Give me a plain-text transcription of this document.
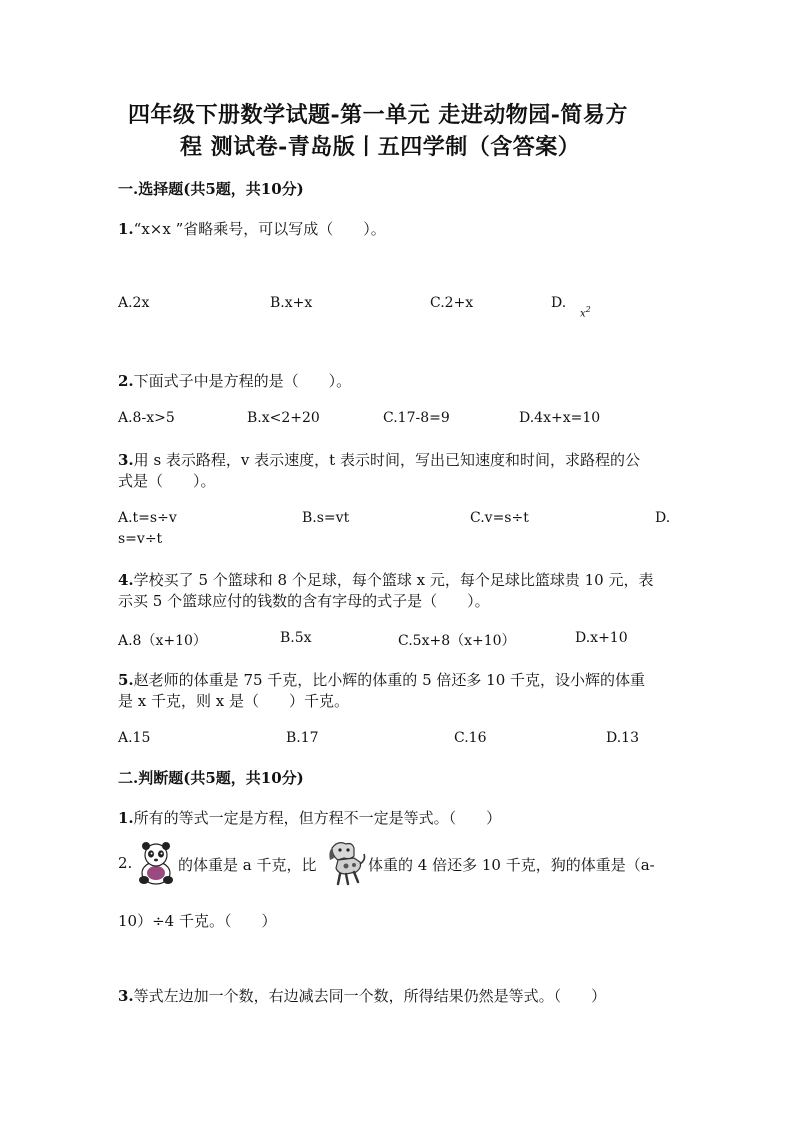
四年级下册数学试题-第一单元 走进动物园-简易方
程 测试卷-青岛版丨五四学制（含答案）
一.选择题(共5题，共10分)
1.“x×x ”省略乘号，可以写成（　　）。
A.2x	B.x+x	C.2+x	D.
$x^2$
2.下面式子中是方程的是（　　）。
A.8-x>5	B.x<2+20	C.17-8=9	D.4x+x=10
3.用 s 表示路程，v 表示速度，t 表示时间，写出已知速度和时间，求路程的公
式是（　　）。
A.t=s÷v	B.s=vt	C.v=s÷t	D.
s=v÷t
4.学校买了 5 个篮球和 8 个足球，每个篮球 x 元，每个足球比篮球贵 10 元，表
示买 5 个篮球应付的钱数的含有字母的式子是（　　）。
A.8（x+10）	B.5x	C.5x+8（x+10）	D.x+10
5.赵老师的体重是 75 千克，比小辉的体重的 5 倍还多 10 千克，设小辉的体重
是 x 千克，则 x 是（　　）千克。
A.15	B.17	C.16	D.13
二.判断题(共5题，共10分)
1.所有的等式一定是方程，但方程不一定是等式。（　　）
2.	的体重是 a 千克，比	体重的 4 倍还多 10 千克，狗的体重是（a-
10）÷4 千克。（　　）
3.等式左边加一个数，右边减去同一个数，所得结果仍然是等式。（　　）
